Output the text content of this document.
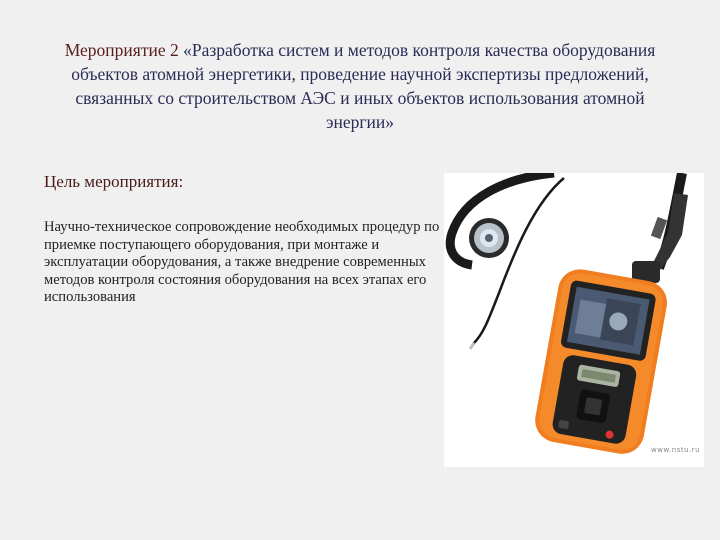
Мероприятие 2 «Разработка систем и методов контроля качества оборудования объектов атомной энергетики, проведение научной экспертизы предложений, связанных со строительством АЭС и иных объектов использования атомной энергии»
Цель мероприятия:
Научно-техническое сопровождение необходимых процедур по приемке поступающего оборудования, при монтаже и эксплуатации оборудования, а также внедрение современных методов контроля состояния оборудования на всех этапах его использования
www.nstu.ru
